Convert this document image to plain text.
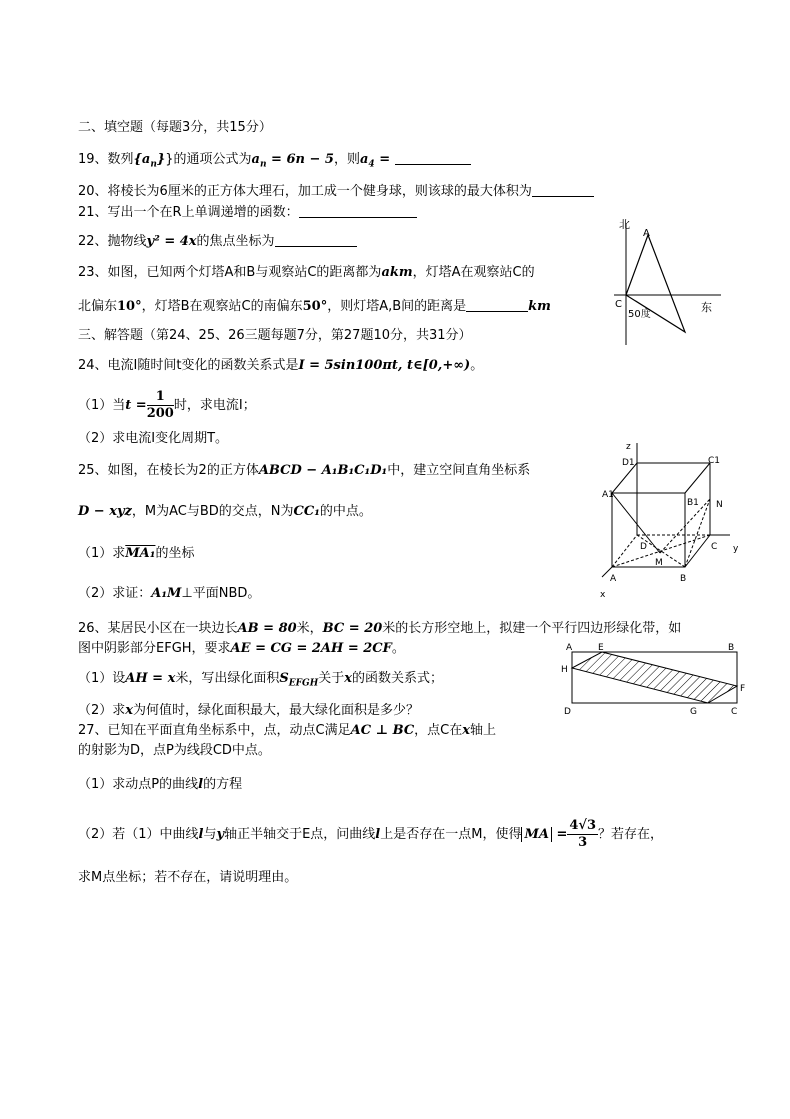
二、填空题（每题3分，共15分）
19、数列$\{a_n\}$}的通项公式为$a_n = 6n - 5$，则$a_4$ =
20、将棱长为6厘米的正方体大理石，加工成一个健身球，则该球的最大体积为
21、写出一个在R上单调递增的函数：
22、抛物线y² = 4x的焦点坐标为
23、如图，已知两个灯塔A和B与观察站C的距离都为akm，灯塔A在观察站C的
北偏东10°，灯塔B在观察站C的南偏东50°，则灯塔A,B间的距离是	km
北
A
C
50度
东
三、解答题（第24、25、26三题每题7分，第27题10分，共31分）
24、电流I随时间t变化的函数关系式是I = 5sin100πt, t∈[0,+∞)。
（1）当$t = \frac{1}{200}$ 时，求电流I；
（2）求电流I变化周期T。
25、如图，在棱长为2的正方体ABCD − A₁B₁C₁D₁中，建立空间直角坐标系
D − xyz，M为AC与BD的交点，N为CC₁的中点。
（1）求MA₁的坐标
（2）求证：A₁M⊥平面NBD。
z
D1	C1
A1
B1 N
D	C y
A
M
B
x
26、某居民小区在一块边长AB = 80米，BC = 20米的长方形空地上，拟建一个平行四边形绿化带，如
图中阴影部分EFGH，要求AE = CG = 2AH = 2CF。
（1）设AH = x米，写出绿化面积$S_{EFGH}$关于x的函数关系式；
（2）求x为何值时，绿化面积最大，最大绿化面积是多少？
A	E	B
H
F
D	G	C
27、已知在平面直角坐标系中，点，动点C满足AC ⊥ BC，点C在x轴上
的射影为D，点P为线段CD中点。
（1）求动点P的曲线l的方程
（2）若（1）中曲线l与y轴正半轴交于E点，问曲线l上是否存在一点M，使得 MA = $\frac{4√3}{3}$ ？若存在，
求M点坐标；若不存在，请说明理由。
